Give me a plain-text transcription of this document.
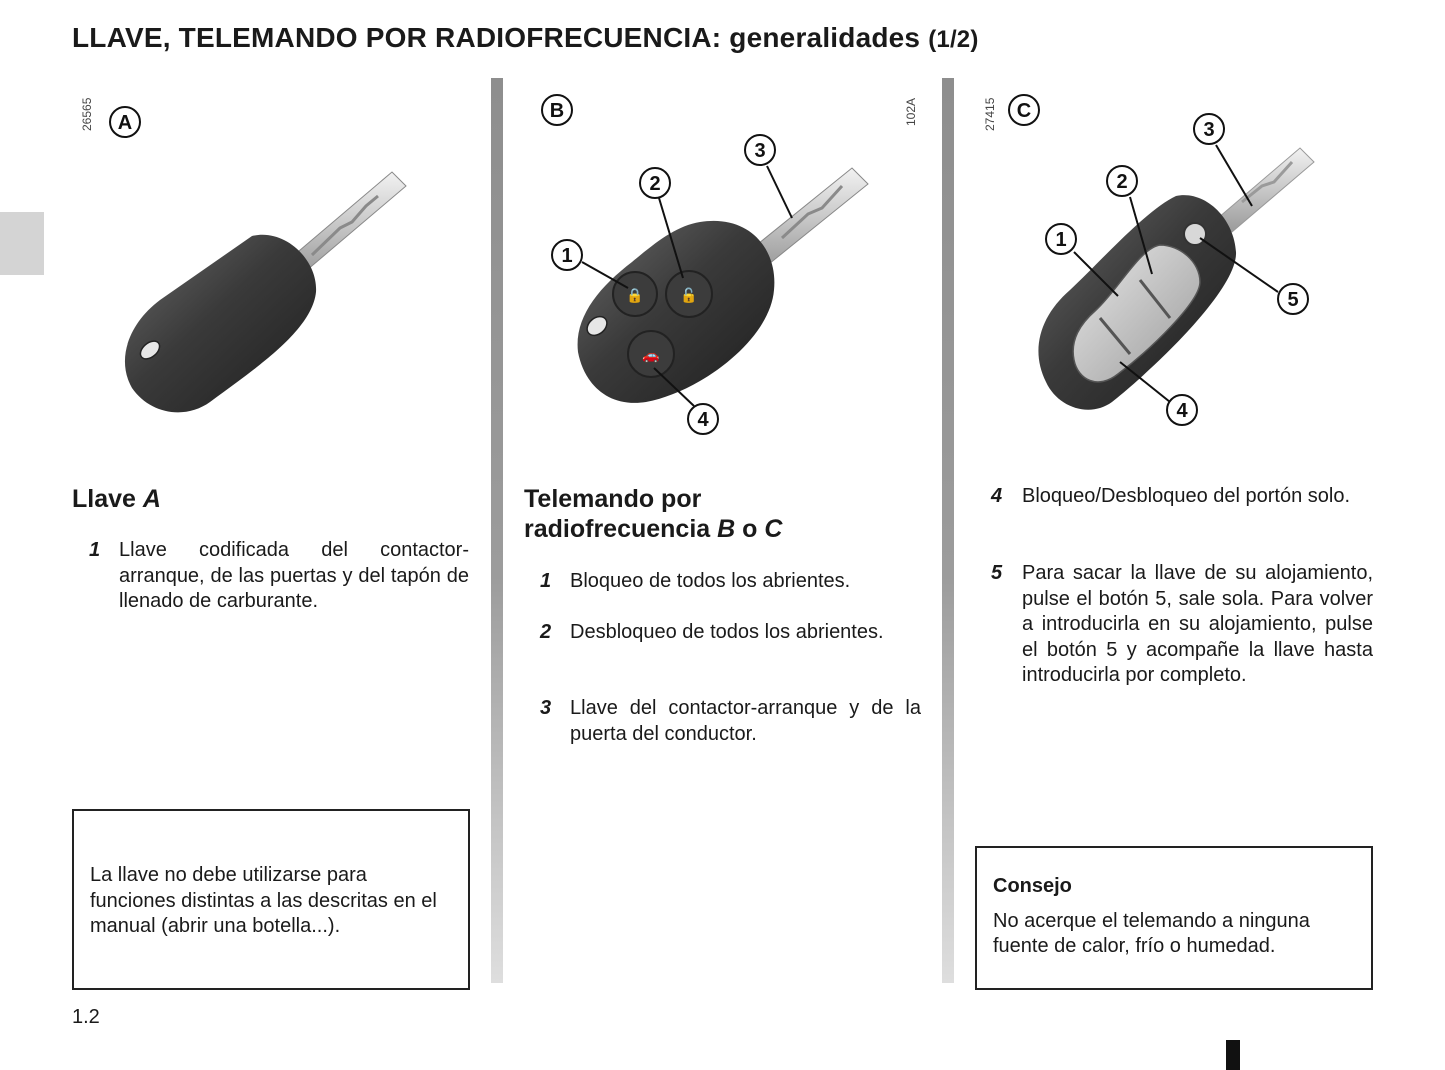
LLAVE, TELEMANDO POR RADIOFRECUENCIA: generalidades (1/2)
26565	102A	27415
A
🔒	🔓
🚗
B
1
2
3
4
C
1
2
3
4
5
Llave A
1 Llave codificada del contactor-arranque, de las puertas y del tapón de llenado de carburante.

La llave no debe utilizarse para funciones distintas a las descritas en el manual (abrir una botella...).

Telemando por
radiofrecuencia B o C
1 Bloqueo de todos los abrientes.
2 Desbloqueo de todos los abrientes.
3 Llave del contactor-arranque y de la puerta del conductor.
4 Bloqueo/Desbloqueo del portón solo.
5 Para sacar la llave de su alojamiento, pulse el botón 5, sale sola. Para volver a introducirla en su alojamiento, pulse el botón 5 y acompañe la llave hasta introducirla por completo.

Consejo

No acerque el telemando a ninguna fuente de calor, frío o humedad.

1.2
